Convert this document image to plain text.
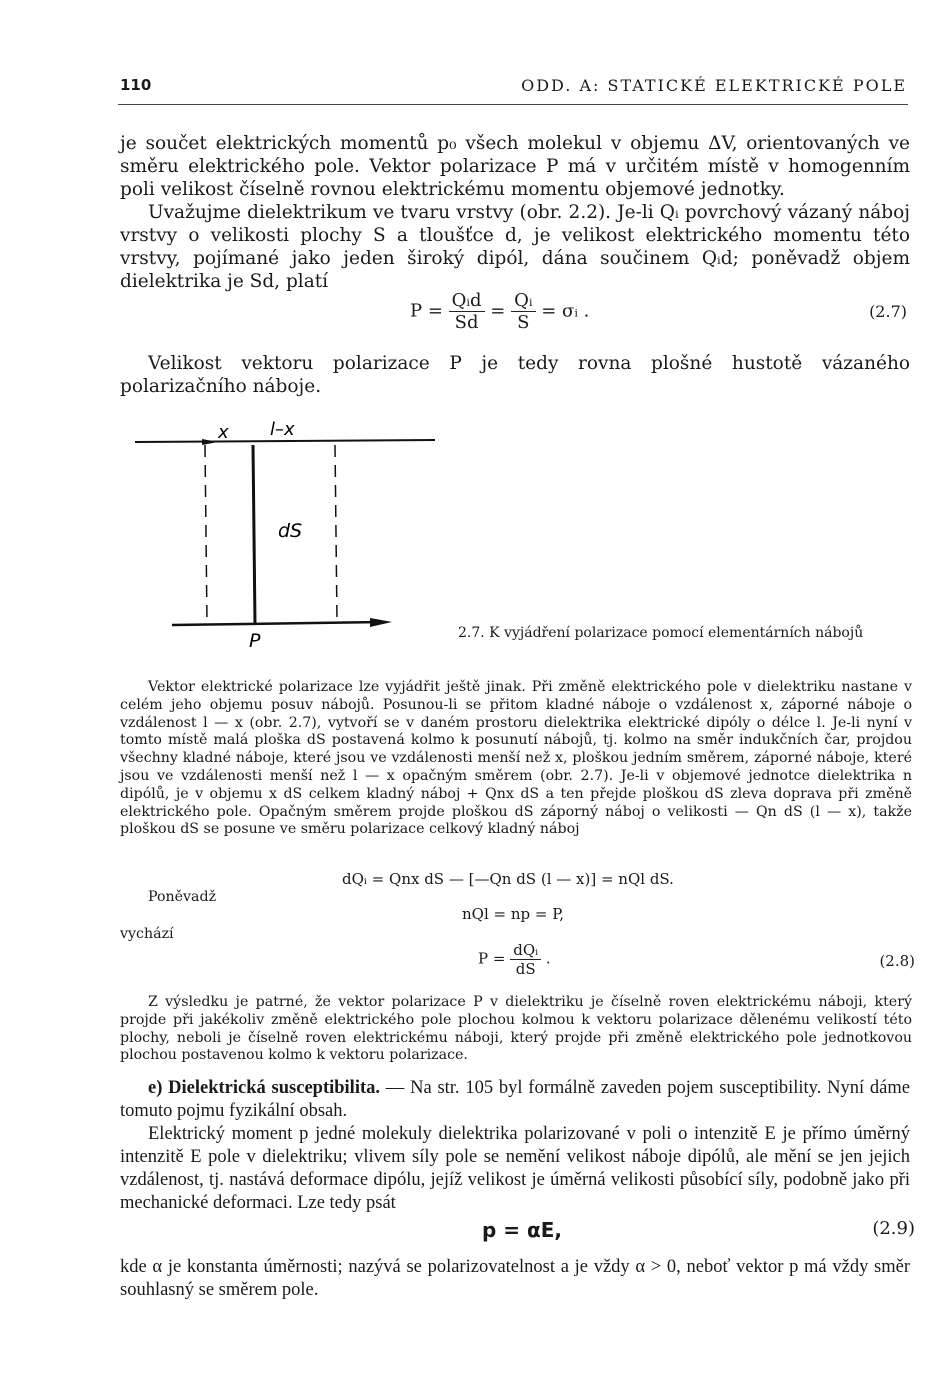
110	ODD. A: STATICKÉ ELEKTRICKÉ POLE
je součet elektrických momentů p₀ všech molekul v objemu ΔV, orientovaných ve směru elektrického pole. Vektor polarizace P má v určitém místě v homogenním poli velikost číselně rovnou elektrickému momentu objemové jednotky.
Uvažujme dielektrikum ve tvaru vrstvy (obr. 2.2). Je-li Qᵢ povrchový vázaný náboj vrstvy o velikosti plochy S a tloušťce d, je velikost elektrického momentu této vrstvy, pojímané jako jeden široký dipól, dána součinem Qᵢd; poněvadž objem dielektrika je Sd, platí
$P = \frac{\text{Qᵢd}}{Sd} = \frac{\text{Qᵢ}}{S}$ = σᵢ .	(2.7)
Velikost vektoru polarizace P je tedy rovna plošné hustotě vázaného polarizačního náboje.
x l–x
dS
P	2.7. K vyjádření polarizace pomocí elementárních nábojů
Vektor elektrické polarizace lze vyjádřit ještě jinak. Při změně elektrického pole v dielektriku nastane v celém jeho objemu posuv nábojů. Posunou-li se přitom kladné náboje o vzdálenost x, záporné náboje o vzdálenost l — x (obr. 2.7), vytvoří se v daném prostoru dielektrika elektrické dipóly o délce l. Je-li nyní v tomto místě malá ploška dS postavená kolmo k posunutí nábojů, tj. kolmo na směr indukčních čar, projdou všechny kladné náboje, které jsou ve vzdálenosti menší než x, ploškou jedním směrem, záporné náboje, které jsou ve vzdálenosti menší než l — x opačným směrem (obr. 2.7). Je-li v objemové jednotce dielektrika n dipólů, je v objemu x dS celkem kladný náboj + Qnx dS a ten přejde ploškou dS zleva doprava při změně elektrického pole. Opačným směrem projde ploškou dS záporný náboj o velikosti — Qn dS (l — x), takže ploškou dS se posune ve směru polarizace celkový kladný náboj
dQᵢ = Qnx dS — [—Qn dS (l — x)] = nQl dS.
Poněvadž
nQl = np = P,
vychází
$P = \frac{\text{dQᵢ}}{dS}$ .	(2.8)
Z výsledku je patrné, že vektor polarizace P v dielektriku je číselně roven elektrickému náboji, který projde při jakékoliv změně elektrického pole plochou kolmou k vektoru polarizace dělenému velikostí této plochy, neboli je číselně roven elektrickému náboji, který projde při změně elektrického pole jednotkovou plochou postavenou kolmo k vektoru polarizace.
e) Dielektrická susceptibilita. — Na str. 105 byl formálně zaveden pojem susceptibility. Nyní dáme tomuto pojmu fyzikální obsah.
Elektrický moment p jedné molekuly dielektrika polarizované v poli o intenzitě E je přímo úměrný intenzitě E pole v dielektriku; vlivem síly pole se nemění velikost náboje dipólů, ale mění se jen jejich vzdálenost, tj. nastává deformace dipólu, jejíž velikost je úměrná velikosti působící síly, podobně jako při mechanické deformaci. Lze tedy psát
p = αE,	(2.9)
kde α je konstanta úměrnosti; nazývá se polarizovatelnost a je vždy α > 0, neboť vektor p má vždy směr souhlasný se směrem pole.
